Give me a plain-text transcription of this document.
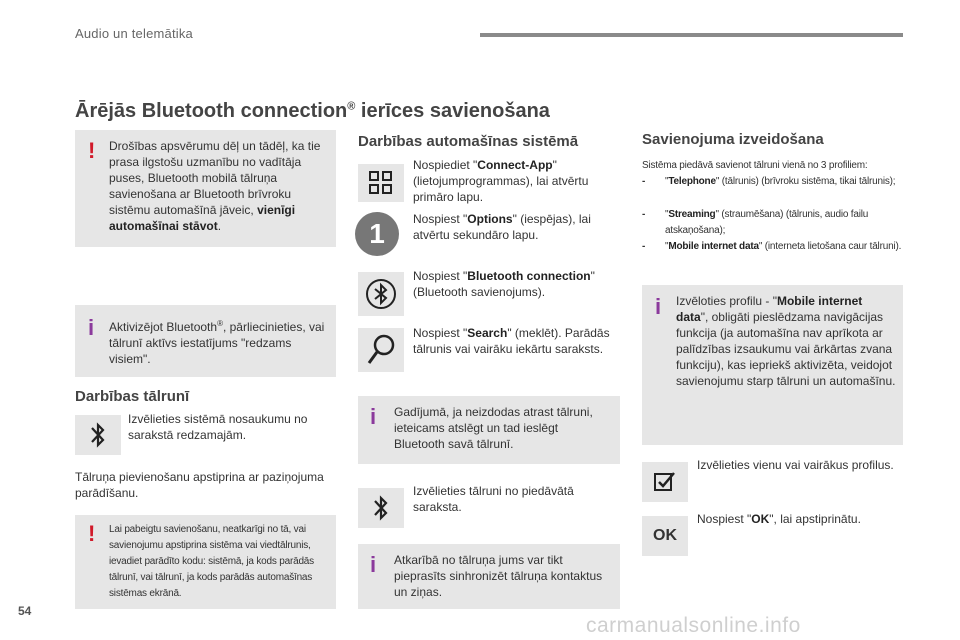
Audio un telemātika
Ārējās Bluetooth connection® ierīces savienošana
! Drošības apsvērumu dēļ un tādēļ, ka tie prasa ilgstošu uzmanību no vadītāja puses, Bluetooth mobilā tālruņa savienošana ar Bluetooth brīvroku sistēmu automašīnā jāveic, vienīgi automašīnai stāvot.
i Aktivizējot Bluetooth®, pārliecinieties, vai tālrunī aktīvs iestatījums "redzams visiem".
Darbības tālrunī
Izvēlieties sistēmā nosaukumu no sarakstā redzamajām.
Tālruņa pievienošanu apstiprina ar paziņojuma parādīšanu.
! Lai pabeigtu savienošanu, neatkarīgi no tā, vai savienojumu apstiprina sistēma vai viedtālrunis, ievadiet parādīto kodu: sistēmā, ja kods parādās tālrunī, vai tālrunī, ja kods parādās automašīnas sistēmas ekrānā.
Darbības automašīnas sistēmā
Nospiediet "Connect-App" (lietojumprogrammas), lai atvērtu primāro lapu.
1	Nospiest "Options" (iespējas), lai atvērtu sekundāro lapu.
Nospiest "Bluetooth connection" (Bluetooth savienojums).
Nospiest "Search" (meklēt). Parādās tālrunis vai vairāku iekārtu saraksts.
i Gadījumā, ja neizdodas atrast tālruni, ieteicams atslēgt un tad ieslēgt Bluetooth savā tālrunī.
Izvēlieties tālruni no piedāvātā saraksta.
i Atkarībā no tālruņa jums var tikt pieprasīts sinhronizēt tālruņa kontaktus un ziņas.
Savienojuma izveidošana
Sistēma piedāvā savienot tālruni vienā no 3 profiliem:
-	"Telephone" (tālrunis) (brīvroku sistēma, tikai tālrunis);
-	"Streaming" (straumēšana) (tālrunis, audio failu atskaņošana);
-	"Mobile internet data" (interneta lietošana caur tālruni).
i Izvēloties profilu - "Mobile internet data", obligāti pieslēdzama navigācijas funkcija (ja automašīna nav aprīkota ar palīdzības izsaukumu vai ārkārtas zvana funkciju), kas iepriekš aktivizēta, veidojot savienojumu starp tālruni un automašīnu.
Izvēlieties vienu vai vairākus profilus.
OK
Nospiest "OK", lai apstiprinātu.
54
carmanualsonline.info
